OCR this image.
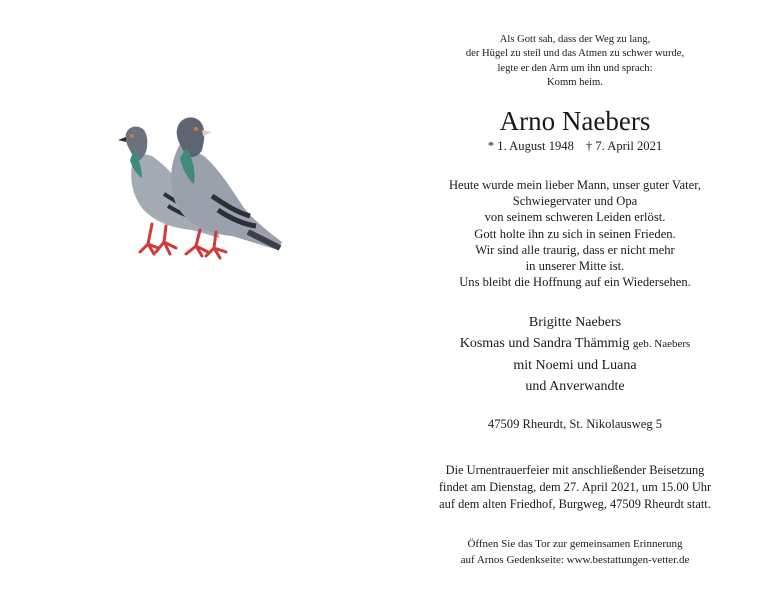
Als Gott sah, dass der Weg zu lang,
der Hügel zu steil und das Atmen zu schwer wurde,
legte er den Arm um ihn und sprach:
Komm heim.
Arno Naebers
* 1. August 1948 † 7. April 2021
Heute wurde mein lieber Mann, unser guter Vater,
Schwiegervater und Opa
von seinem schweren Leiden erlöst.
Gott holte ihn zu sich in seinen Frieden.
Wir sind alle traurig, dass er nicht mehr
in unserer Mitte ist.
Uns bleibt die Hoffnung auf ein Wiedersehen.
Brigitte Naebers
Kosmas und Sandra Thämmig geb. Naebers
mit Noemi und Luana
und Anverwandte
47509 Rheurdt, St. Nikolausweg 5
Die Urnentrauerfeier mit anschließender Beisetzung
findet am Dienstag, dem 27. April 2021, um 15.00 Uhr
auf dem alten Friedhof, Burgweg, 47509 Rheurdt statt.
Öffnen Sie das Tor zur gemeinsamen Erinnerung
auf Arnos Gedenkseite: www.bestattungen-vetter.de
